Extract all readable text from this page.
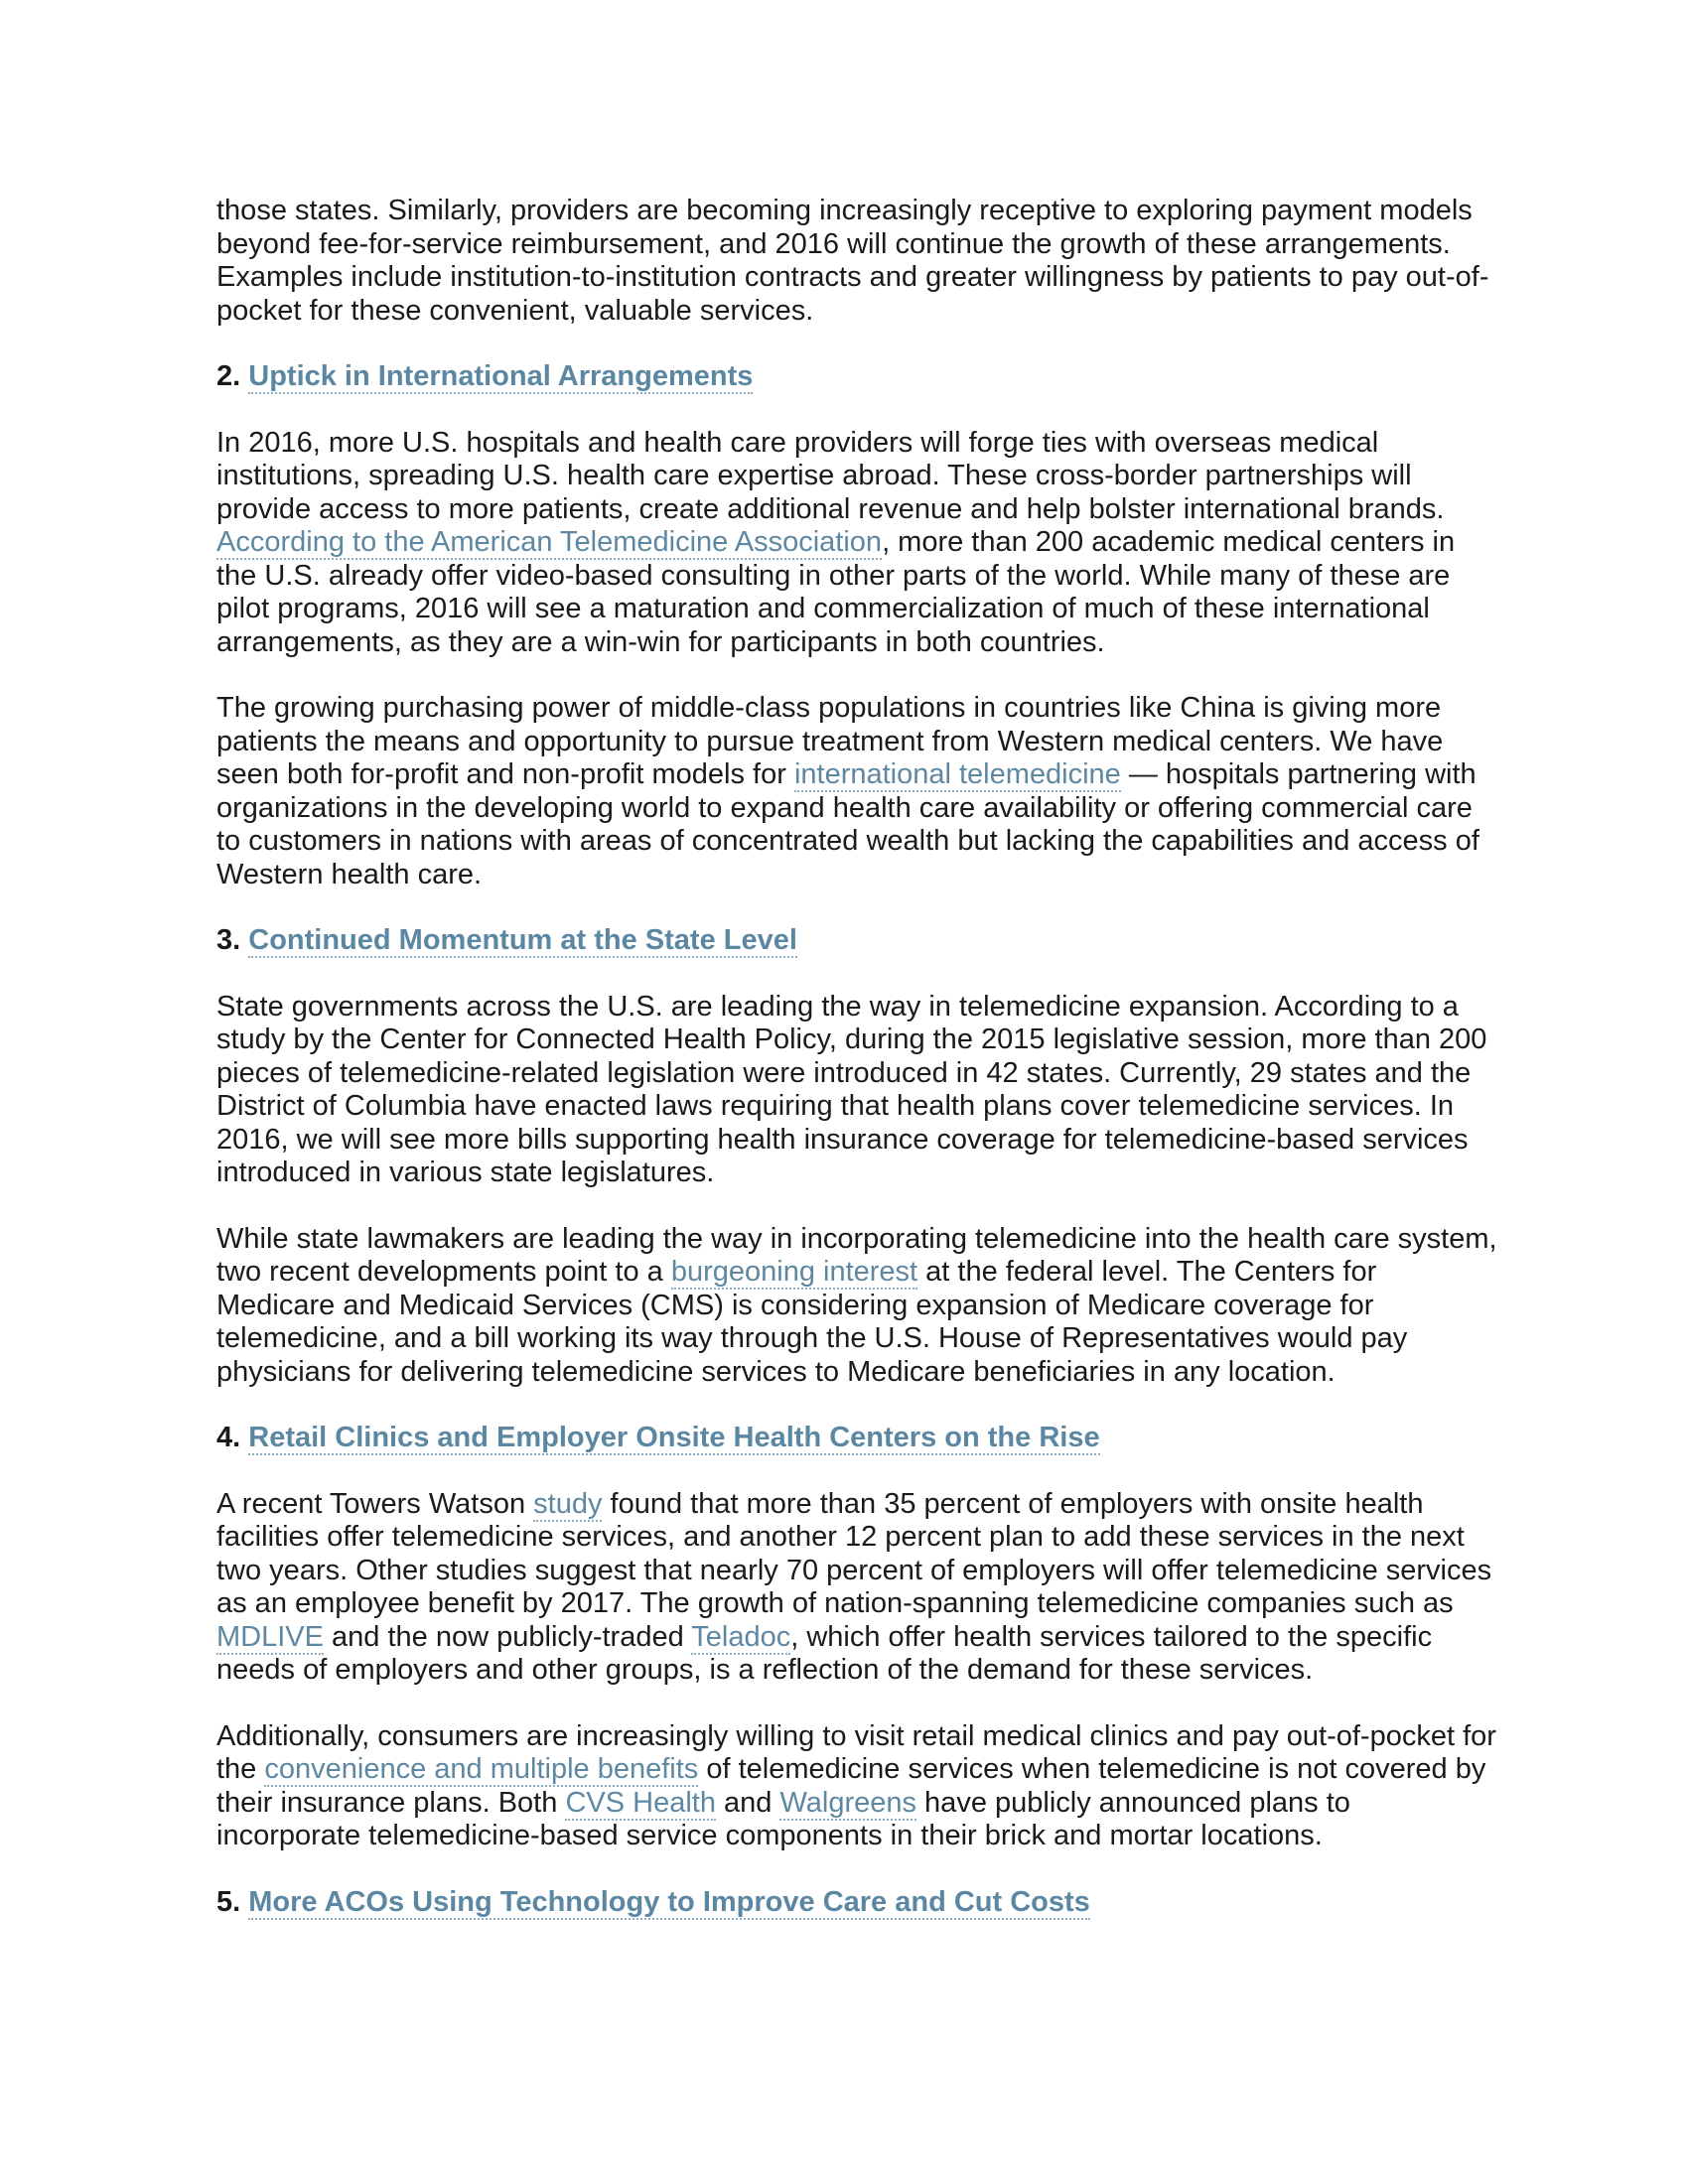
those states. Similarly, providers are becoming increasingly receptive to exploring payment models beyond fee-for-service reimbursement, and 2016 will continue the growth of these arrangements. Examples include institution-to-institution contracts and greater willingness by patients to pay out-of-pocket for these convenient, valuable services.

2. Uptick in International Arrangements

In 2016, more U.S. hospitals and health care providers will forge ties with overseas medical institutions, spreading U.S. health care expertise abroad. These cross-border partnerships will provide access to more patients, create additional revenue and help bolster international brands. According to the American Telemedicine Association, more than 200 academic medical centers in the U.S. already offer video-based consulting in other parts of the world. While many of these are pilot programs, 2016 will see a maturation and commercialization of much of these international arrangements, as they are a win-win for participants in both countries.

The growing purchasing power of middle-class populations in countries like China is giving more patients the means and opportunity to pursue treatment from Western medical centers. We have seen both for-profit and non-profit models for international telemedicine — hospitals partnering with organizations in the developing world to expand health care availability or offering commercial care to customers in nations with areas of concentrated wealth but lacking the capabilities and access of Western health care.

3. Continued Momentum at the State Level

State governments across the U.S. are leading the way in telemedicine expansion. According to a study by the Center for Connected Health Policy, during the 2015 legislative session, more than 200 pieces of telemedicine-related legislation were introduced in 42 states. Currently, 29 states and the District of Columbia have enacted laws requiring that health plans cover telemedicine services. In 2016, we will see more bills supporting health insurance coverage for telemedicine-based services introduced in various state legislatures.

While state lawmakers are leading the way in incorporating telemedicine into the health care system, two recent developments point to a burgeoning interest at the federal level. The Centers for Medicare and Medicaid Services (CMS) is considering expansion of Medicare coverage for telemedicine, and a bill working its way through the U.S. House of Representatives would pay physicians for delivering telemedicine services to Medicare beneficiaries in any location.

4. Retail Clinics and Employer Onsite Health Centers on the Rise

A recent Towers Watson study found that more than 35 percent of employers with onsite health facilities offer telemedicine services, and another 12 percent plan to add these services in the next two years. Other studies suggest that nearly 70 percent of employers will offer telemedicine services as an employee benefit by 2017. The growth of nation-spanning telemedicine companies such as MDLIVE and the now publicly-traded Teladoc, which offer health services tailored to the specific needs of employers and other groups, is a reflection of the demand for these services.

Additionally, consumers are increasingly willing to visit retail medical clinics and pay out-of-pocket for the convenience and multiple benefits of telemedicine services when telemedicine is not covered by their insurance plans. Both CVS Health and Walgreens have publicly announced plans to incorporate telemedicine-based service components in their brick and mortar locations.

5. More ACOs Using Technology to Improve Care and Cut Costs
